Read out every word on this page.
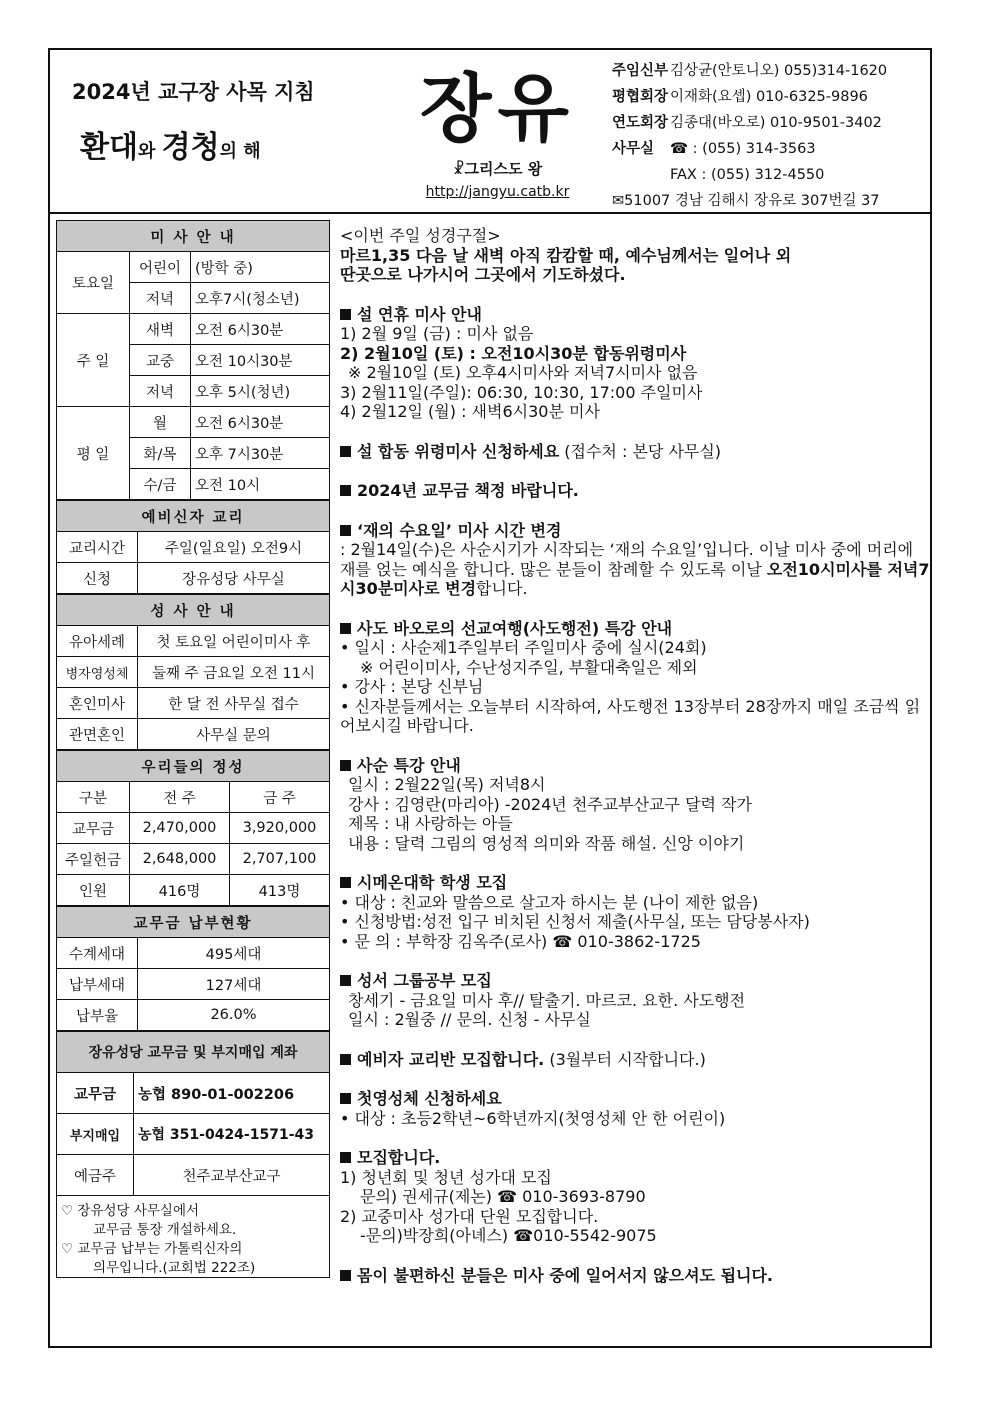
2024년 교구장 사목 지침
환대와 경청의 해	장유
☧그리스도 왕
http://jangyu.catb.kr
주임신부 김상균(안토니오) 055)314-1620
평협회장 이재화(요셉) 010-6325-9896
연도회장 김종대(바오로) 010-9501-3402
사무실 ☎ : (055) 314-3563
FAX : (055) 312-4550
✉51007 경남 김해시 장유로 307번길 37
미 사 안 내		
토요일	어린이	(방학 중)
	저녁	오후7시(청소년)
주 일	새벽	오전 6시30분
	교중	오전 10시30분
	저녁	오후 5시(청년)
평 일	월	오전 6시30분
	화/목	오후 7시30분
	수/금	오전 10시
예비신자 교리	
교리시간	주일(일요일) 오전9시
신청	장유성당 사무실
성 사 안 내	
유아세례	첫 토요일 어린이미사 후
병자영성체	둘째 주 금요일 오전 11시
혼인미사	한 달 전 사무실 접수
관면혼인	사무실 문의
우리들의 정성		
구분	전 주	금 주
교무금	2,470,000	3,920,000
주일헌금	2,648,000	2,707,100
인원	416명	413명
교무금 납부현황	
수계세대	495세대
납부세대	127세대
납부율	26.0%
장유성당 교무금 및 부지매입 계좌	
교무금	농협 890-01-002206
부지매입	농협 351-0424-1571-43
예금주	천주교부산교구
♡ 장유성당 사무실에서
교무금 통장 개설하세요.
♡ 교무금 납부는 가톨릭신자의
의무입니다.(교회법 222조)
<이번 주일 성경구절>
마르1,35 다음 날 새벽 아직 캄캄할 때, 예수님께서는 일어나 외
딴곳으로 나가시어 그곳에서 기도하셨다.
설 연휴 미사 안내
1) 2월 9일 (금) : 미사 없음
2) 2월10일 (토) : 오전10시30분 합동위령미사
※ 2월10일 (토) 오후4시미사와 저녁7시미사 없음
3) 2월11일(주일): 06:30, 10:30, 17:00 주일미사
4) 2월12일 (월) : 새벽6시30분 미사
설 합동 위령미사 신청하세요 (접수처 : 본당 사무실)
2024년 교무금 책정 바랍니다.
‘재의 수요일’ 미사 시간 변경
: 2월14일(수)은 사순시기가 시작되는 ‘재의 수요일’입니다. 이날 미사 중에 머리에 재를 얹는 예식을 합니다. 많은 분들이 참례할 수 있도록 이날 오전10시미사를 저녁7시30분미사로 변경합니다.
사도 바오로의 선교여행(사도행전) 특강 안내
• 일시 : 사순제1주일부터 주일미사 중에 실시(24회)
※ 어린이미사, 수난성지주일, 부활대축일은 제외
• 강사 : 본당 신부님
• 신자분들께서는 오늘부터 시작하여, 사도행전 13장부터 28장까지 매일 조금씩 읽어보시길 바랍니다.
사순 특강 안내
일시 : 2월22일(목) 저녁8시
강사 : 김영란(마리아) -2024년 천주교부산교구 달력 작가
제목 : 내 사랑하는 아들
내용 : 달력 그림의 영성적 의미와 작품 해설. 신앙 이야기
시메온대학 학생 모집
• 대상 : 친교와 말씀으로 살고자 하시는 분 (나이 제한 없음)
• 신청방법:성전 입구 비치된 신청서 제출(사무실, 또는 담당봉사자)
• 문 의 : 부학장 김옥주(로사) ☎ 010-3862-1725
성서 그룹공부 모집
창세기 - 금요일 미사 후// 탈출기. 마르코. 요한. 사도행전
일시 : 2월중 // 문의. 신청 - 사무실
예비자 교리반 모집합니다. (3월부터 시작합니다.)
첫영성체 신청하세요
• 대상 : 초등2학년~6학년까지(첫영성체 안 한 어린이)
모집합니다.
1) 청년회 및 청년 성가대 모집
문의) 권세규(제논) ☎ 010-3693-8790
2) 교중미사 성가대 단원 모집합니다.
-문의)박장희(아녜스) ☎010-5542-9075
몸이 불편하신 분들은 미사 중에 일어서지 않으셔도 됩니다.
